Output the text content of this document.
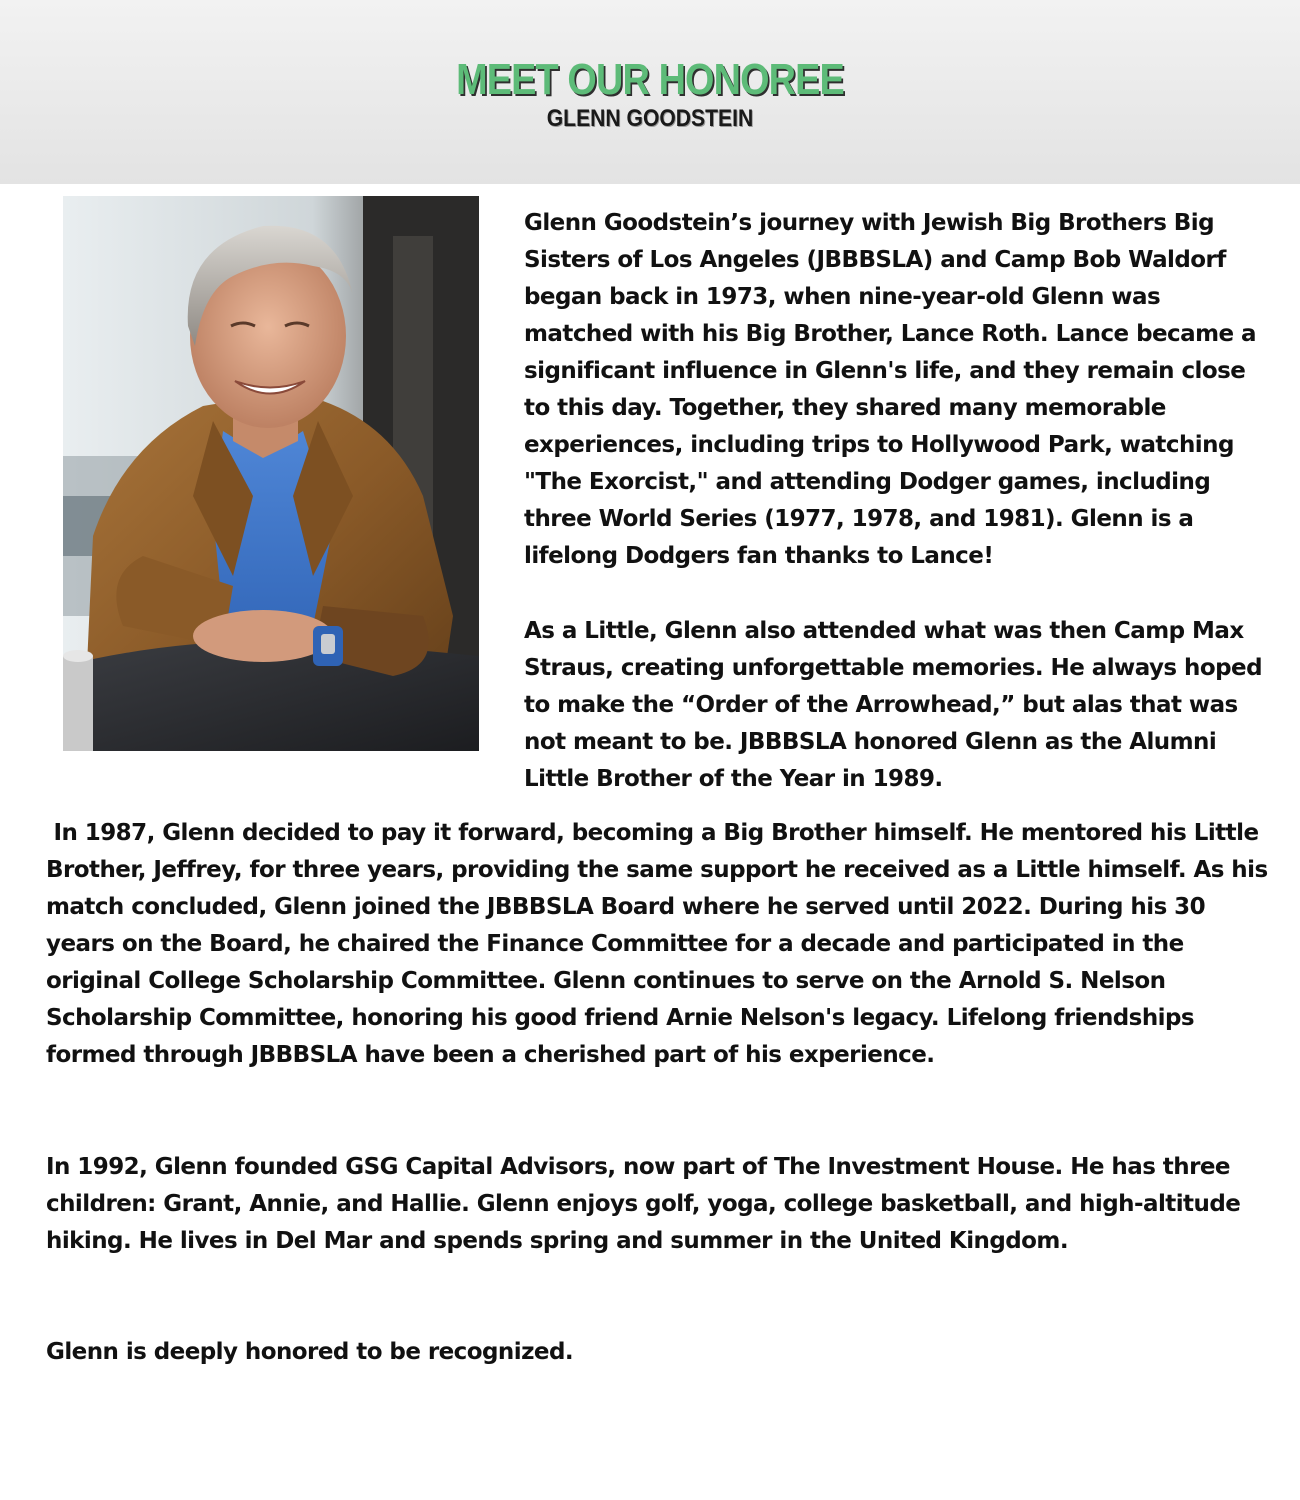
MEET OUR HONOREE
GLENN GOODSTEIN

Glenn Goodstein’s journey with Jewish Big Brothers Big Sisters of Los Angeles (JBBBSLA) and Camp Bob Waldorf began back in 1973, when nine-year-old Glenn was matched with his Big Brother, Lance Roth. Lance became a significant influence in Glenn's life, and they remain close to this day. Together, they shared many memorable experiences, including trips to Hollywood Park, watching "The Exorcist," and attending Dodger games, including three World Series (1977, 1978, and 1981). Glenn is a lifelong Dodgers fan thanks to Lance!

As a Little, Glenn also attended what was then Camp Max Straus, creating unforgettable memories. He always hoped to make the “Order of the Arrowhead,” but alas that was not meant to be. JBBBSLA honored Glenn as the Alumni Little Brother of the Year in 1989.

In 1987, Glenn decided to pay it forward, becoming a Big Brother himself. He mentored his Little Brother, Jeffrey, for three years, providing the same support he received as a Little himself. As his match concluded, Glenn joined the JBBBSLA Board where he served until 2022. During his 30 years on the Board, he chaired the Finance Committee for a decade and participated in the original College Scholarship Committee. Glenn continues to serve on the Arnold S. Nelson Scholarship Committee, honoring his good friend Arnie Nelson's legacy. Lifelong friendships formed through JBBBSLA have been a cherished part of his experience.

In 1992, Glenn founded GSG Capital Advisors, now part of The Investment House. He has three children: Grant, Annie, and Hallie. Glenn enjoys golf, yoga, college basketball, and high-altitude hiking. He lives in Del Mar and spends spring and summer in the United Kingdom.

Glenn is deeply honored to be recognized.
